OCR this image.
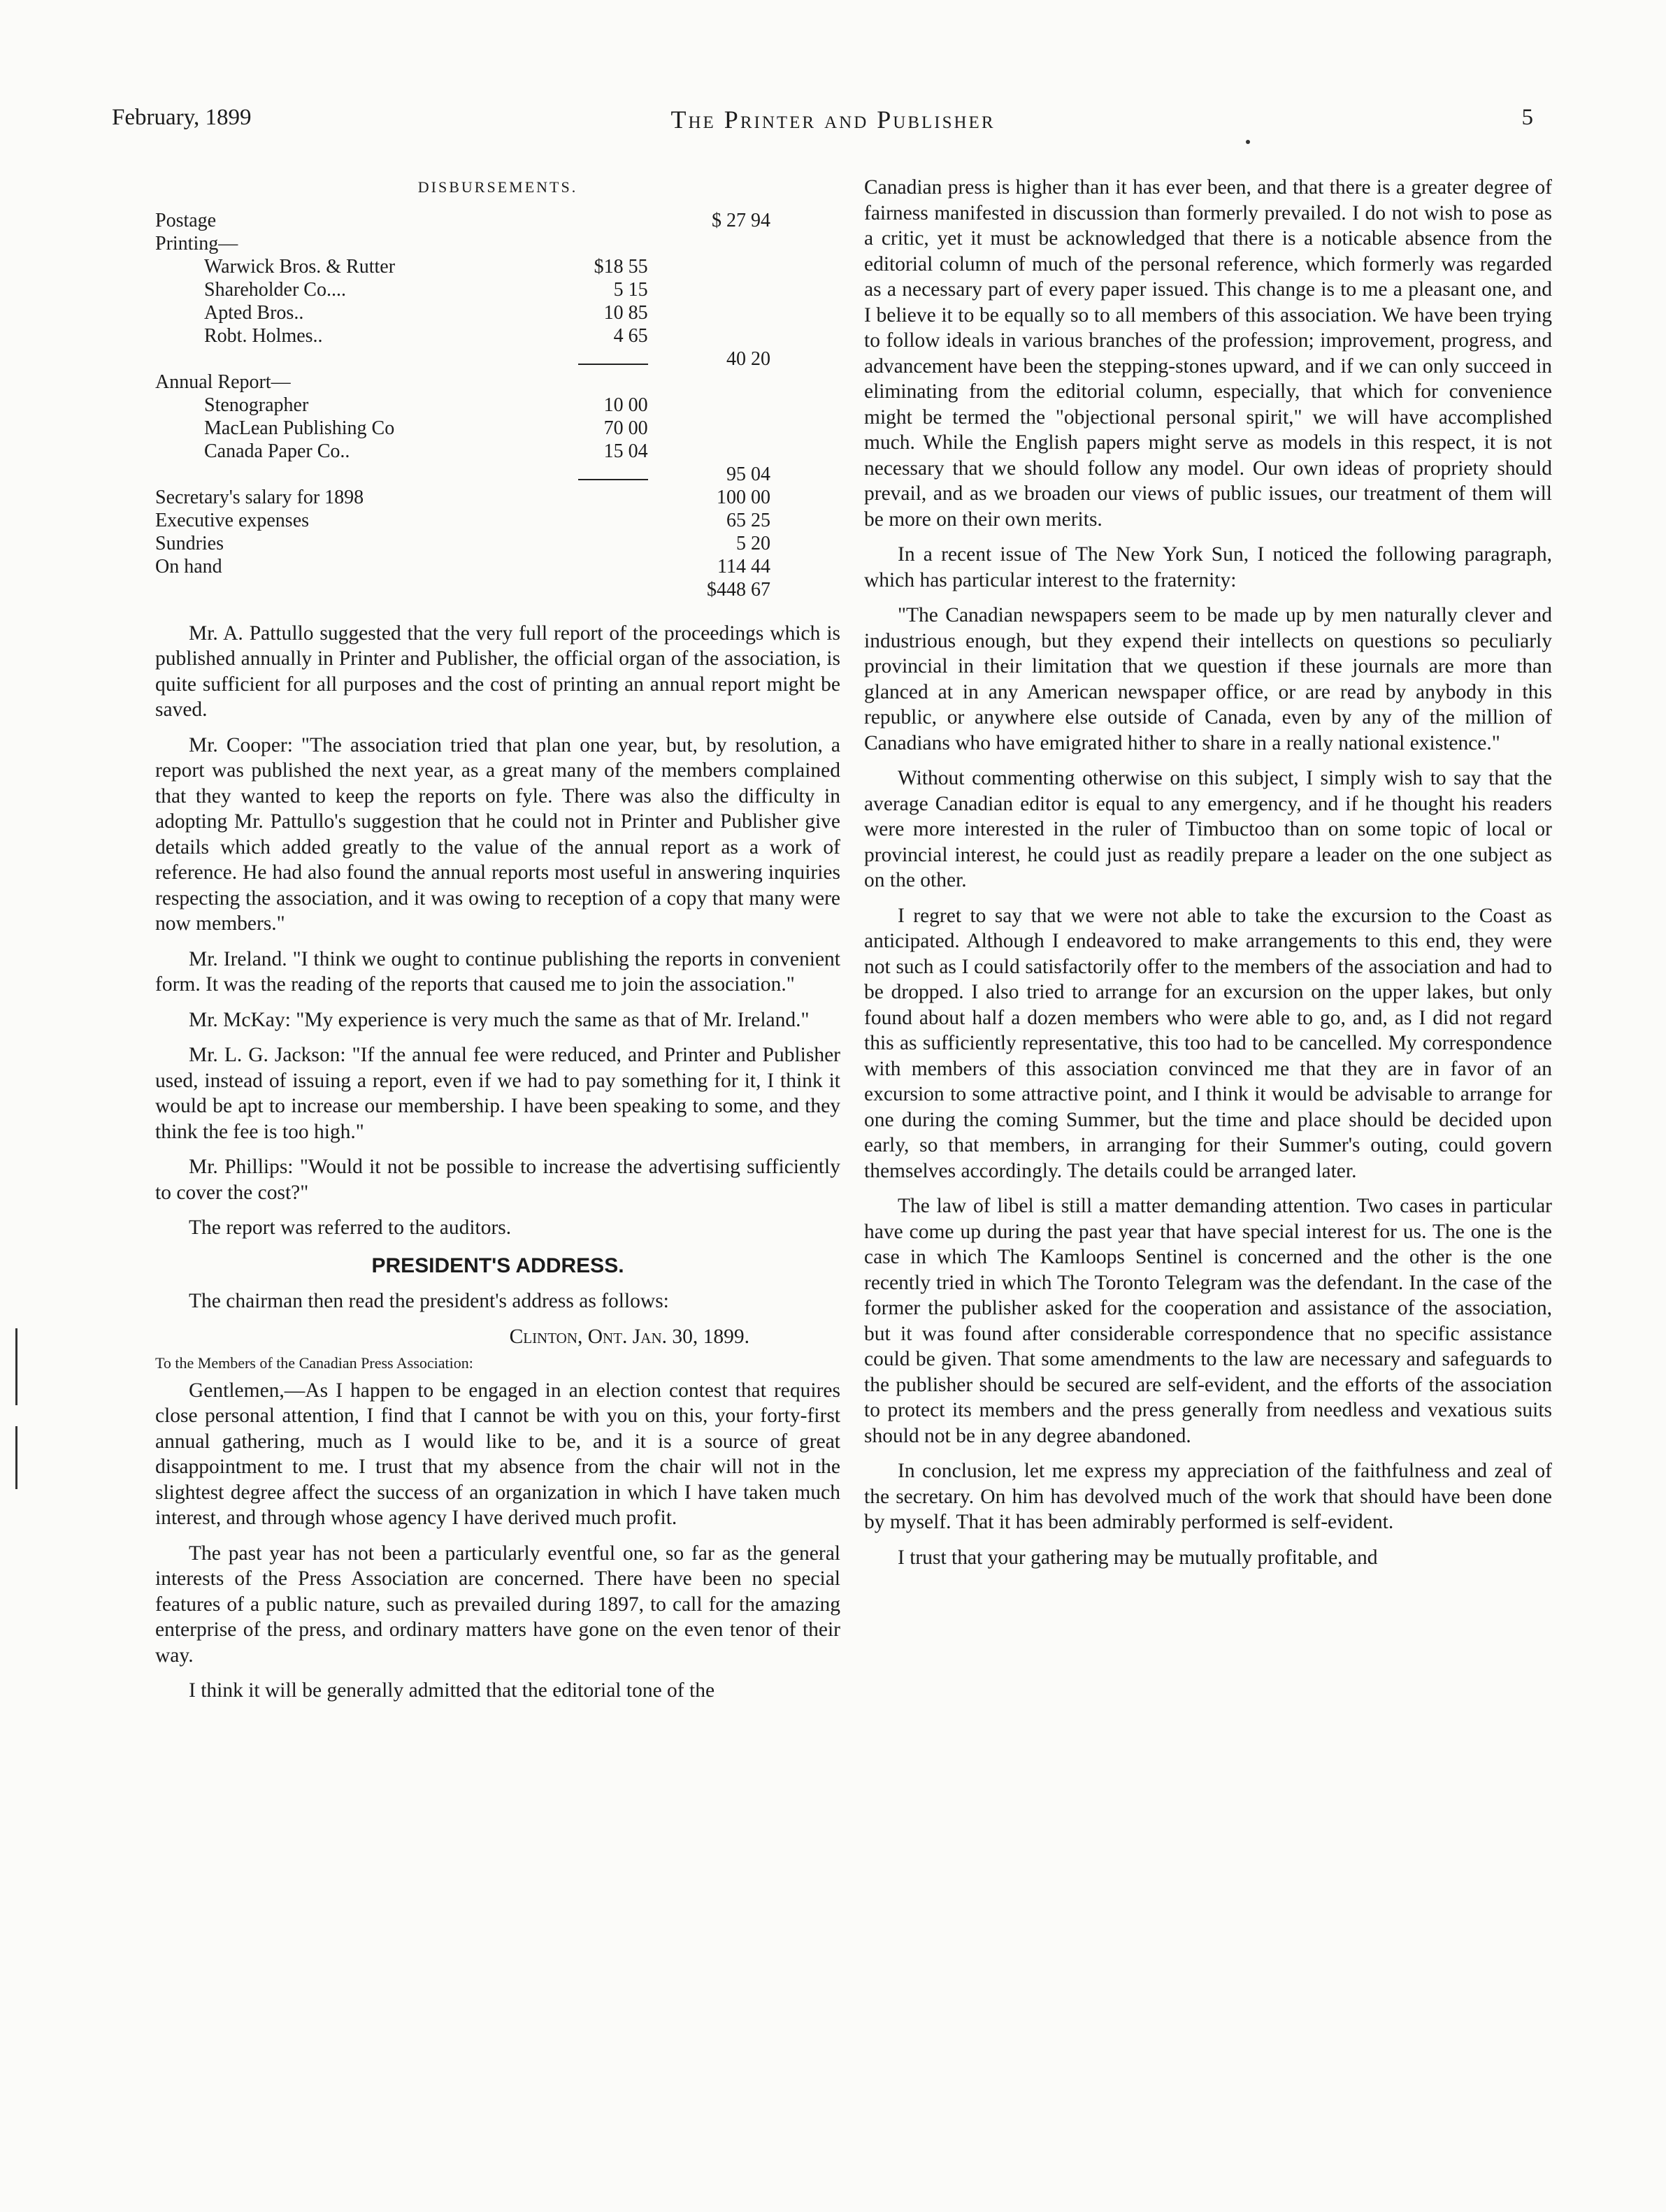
February, 1899	The Printer and Publisher	5
DISBURSEMENTS.
Postage		$ 27 94
Printing—		
Warwick Bros. & Rutter	$18 55	
Shareholder Co....	5 15	
Apted Bros..	10 85	
Robt. Holmes..	4 65	
		40 20
Annual Report—		
Stenographer	10 00	
MacLean Publishing Co	70 00	
Canada Paper Co..	15 04	
		95 04
Secretary's salary for 1898		100 00
Executive expenses		65 25
Sundries		5 20
On hand		114 44
		$448 67

Mr. A. Pattullo suggested that the very full report of the proceedings which is published annually in Printer and Publisher, the official organ of the association, is quite sufficient for all purposes and the cost of printing an annual report might be saved.

Mr. Cooper: "The association tried that plan one year, but, by resolution, a report was published the next year, as a great many of the members complained that they wanted to keep the reports on fyle. There was also the difficulty in adopting Mr. Pattullo's suggestion that he could not in Printer and Publisher give details which added greatly to the value of the annual report as a work of reference. He had also found the annual reports most useful in answering inquiries respecting the association, and it was owing to reception of a copy that many were now members."

Mr. Ireland. "I think we ought to continue publishing the reports in convenient form. It was the reading of the reports that caused me to join the association."

Mr. McKay: "My experience is very much the same as that of Mr. Ireland."

Mr. L. G. Jackson: "If the annual fee were reduced, and Printer and Publisher used, instead of issuing a report, even if we had to pay something for it, I think it would be apt to increase our membership. I have been speaking to some, and they think the fee is too high."

Mr. Phillips: "Would it not be possible to increase the advertising sufficiently to cover the cost?"

The report was referred to the auditors.

PRESIDENT'S ADDRESS.

The chairman then read the president's address as follows:

Clinton, Ont. Jan. 30, 1899.
To the Members of the Canadian Press Association:

Gentlemen,—As I happen to be engaged in an election contest that requires close personal attention, I find that I cannot be with you on this, your forty-first annual gathering, much as I would like to be, and it is a source of great disappointment to me. I trust that my absence from the chair will not in the slightest degree affect the success of an organization in which I have taken much interest, and through whose agency I have derived much profit.

The past year has not been a particularly eventful one, so far as the general interests of the Press Association are concerned. There have been no special features of a public nature, such as prevailed during 1897, to call for the amazing enterprise of the press, and ordinary matters have gone on the even tenor of their way.

I think it will be generally admitted that the editorial tone of the

Canadian press is higher than it has ever been, and that there is a greater degree of fairness manifested in discussion than formerly prevailed. I do not wish to pose as a critic, yet it must be acknowledged that there is a noticable absence from the editorial column of much of the personal reference, which formerly was regarded as a necessary part of every paper issued. This change is to me a pleasant one, and I believe it to be equally so to all members of this association. We have been trying to follow ideals in various branches of the profession; improvement, progress, and advancement have been the stepping-stones upward, and if we can only succeed in eliminating from the editorial column, especially, that which for convenience might be termed the "objectional personal spirit," we will have accomplished much. While the English papers might serve as models in this respect, it is not necessary that we should follow any model. Our own ideas of propriety should prevail, and as we broaden our views of public issues, our treatment of them will be more on their own merits.

In a recent issue of The New York Sun, I noticed the following paragraph, which has particular interest to the fraternity:

"The Canadian newspapers seem to be made up by men naturally clever and industrious enough, but they expend their intellects on questions so peculiarly provincial in their limitation that we question if these journals are more than glanced at in any American newspaper office, or are read by anybody in this republic, or anywhere else outside of Canada, even by any of the million of Canadians who have emigrated hither to share in a really national existence."

Without commenting otherwise on this subject, I simply wish to say that the average Canadian editor is equal to any emergency, and if he thought his readers were more interested in the ruler of Timbuctoo than on some topic of local or provincial interest, he could just as readily prepare a leader on the one subject as on the other.

I regret to say that we were not able to take the excursion to the Coast as anticipated. Although I endeavored to make arrangements to this end, they were not such as I could satisfactorily offer to the members of the association and had to be dropped. I also tried to arrange for an excursion on the upper lakes, but only found about half a dozen members who were able to go, and, as I did not regard this as sufficiently representative, this too had to be cancelled. My correspondence with members of this association convinced me that they are in favor of an excursion to some attractive point, and I think it would be advisable to arrange for one during the coming Summer, but the time and place should be decided upon early, so that members, in arranging for their Summer's outing, could govern themselves accordingly. The details could be arranged later.

The law of libel is still a matter demanding attention. Two cases in particular have come up during the past year that have special interest for us. The one is the case in which The Kamloops Sentinel is concerned and the other is the one recently tried in which The Toronto Telegram was the defendant. In the case of the former the publisher asked for the cooperation and assistance of the association, but it was found after considerable correspondence that no specific assistance could be given. That some amendments to the law are necessary and safeguards to the publisher should be secured are self-evident, and the efforts of the association to protect its members and the press generally from needless and vexatious suits should not be in any degree abandoned.

In conclusion, let me express my appreciation of the faithfulness and zeal of the secretary. On him has devolved much of the work that should have been done by myself. That it has been admirably performed is self-evident.

I trust that your gathering may be mutually profitable, and
